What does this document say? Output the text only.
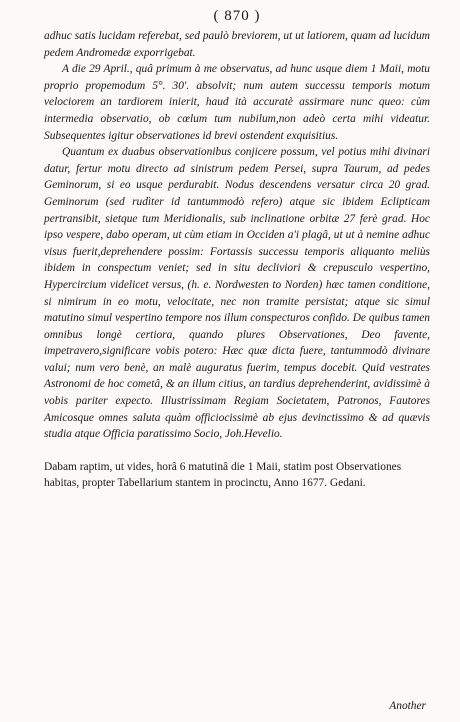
( 870 )

adhuc satis lucidam referebat, sed paulò breviorem, ut ut latiorem, quam ad lucidum pedem Andromedæ exporrigebat.

A die 29 April., quâ primum à me observatus, ad hunc usque diem 1 Maii, motu proprio propemodum 5°. 30'. absolvit; num autem successu temporis motum velociorem an tardiorem inierit, haud ità accuratè assirmare nunc queo: cùm intermedia observatio, ob cœlum tum nubilum,non adeò certa mihi videatur. Subsequentes igitur observationes id brevi ostendent exquisitius.

Quantum ex duabus observationibus conjicere possum, vel potius mihi divinari datur, fertur motu directo ad sinistrum pedem Persei, supra Taurum, ad pedes Geminorum, si eo usque perdurabit. Nodus descendens versatur circa 20 grad. Geminorum (sed rudìter id tantummodò refero) atque sic ibidem Eclipticam pertransibit, sietque tum Meridionalis, sub inclinatione orbitæ 27 ferè grad. Hoc ipso vespere, dabo operam, ut cùm etiam in Occiden a'i plagâ, ut ut à nemine adhuc visus fuerit,deprehendere possim: Fortassis successu temporis aliquanto meliùs ibidem in conspectum veniet; sed in situ decliviori & crepusculo vespertino, Hypercircium videlicet versus, (h. e. Nordwesten to Norden) hæc tamen conditione, si nimirum in eo motu, velocitate, nec non tramite persistat; atque sic simul matutino simul vespertino tempore nos illum conspecturos confido. De quibus tamen omnibus longè certiora, quando plures Observationes, Deo favente, impetravero,significare vobis potero: Hæc quæ dicta fuere, tantummodò divinare valui; num vero benè, an malè auguratus fuerim, tempus docebit. Quid vestrates Astronomi de hoc cometâ, & an illum citius, an tardius deprehenderint, avidissimè à vobis pariter expecto. Illustrissimam Regiam Societatem, Patronos, Fautores Amicosque omnes saluta quàm officiocissimè ab ejus devinctissimo & ad quævis studia atque Officia paratissimo Socio, Joh.Hevelio.

Dabam raptim, ut vides, horâ 6 matutinâ die 1 Maii, statim post Observationes habitas, propter Tabellarium stantem in procinctu, Anno 1677. Gedani.

Another
